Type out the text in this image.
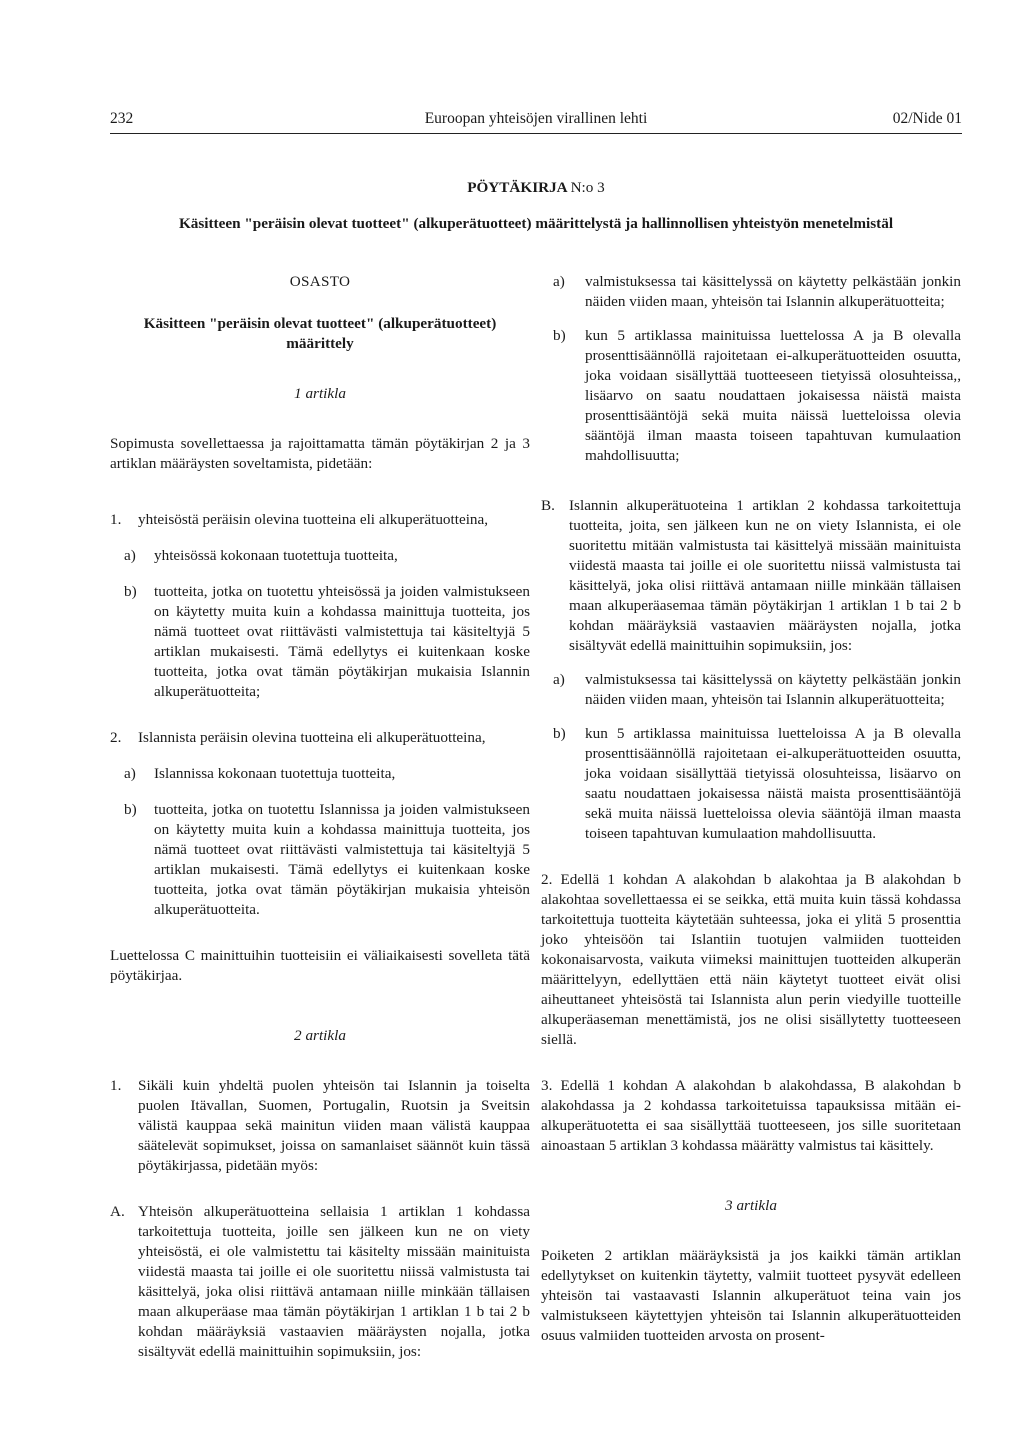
232	Euroopan yhteisöjen virallinen lehti	02/Nide 01
PÖYTÄKIRJA N:o 3
Käsitteen "peräisin olevat tuotteet" (alkuperätuotteet) määrittelystä ja hallinnollisen yhteistyön menetelmistäl

OSASTO

Käsitteen "peräisin olevat tuotteet" (alkuperätuotteet) määrittely

1 artikla

Sopimusta sovellettaessa ja rajoittamatta tämän pöytäkirjan 2 ja 3 artiklan määräysten soveltamista, pidetään:

1. yhteisöstä peräisin olevina tuotteina eli alkuperätuotteina,
a) yhteisössä kokonaan tuotettuja tuotteita,
b) tuotteita, jotka on tuotettu yhteisössä ja joiden valmistukseen on käytetty muita kuin a kohdassa mainittuja tuotteita, jos nämä tuotteet ovat riittävästi valmistettuja tai käsiteltyjä 5 artiklan mukaisesti. Tämä edellytys ei kuitenkaan koske tuotteita, jotka ovat tämän pöytäkirjan mukaisia Islannin alkuperätuotteita;
2. Islannista peräisin olevina tuotteina eli alkuperätuotteina,
a) Islannissa kokonaan tuotettuja tuotteita,
b) tuotteita, jotka on tuotettu Islannissa ja joiden valmistukseen on käytetty muita kuin a kohdassa mainittuja tuotteita, jos nämä tuotteet ovat riittävästi valmistettuja tai käsiteltyjä 5 artiklan mukaisesti. Tämä edellytys ei kuitenkaan koske tuotteita, jotka ovat tämän pöytäkirjan mukaisia yhteisön alkuperätuotteita.

Luettelossa C mainittuihin tuotteisiin ei väliaikaisesti sovelleta tätä pöytäkirjaa.

2 artikla

1. Sikäli kuin yhdeltä puolen yhteisön tai Islannin ja toiselta puolen Itävallan, Suomen, Portugalin, Ruotsin ja Sveitsin välistä kauppaa sekä mainitun viiden maan välistä kauppaa säätelevät sopimukset, joissa on samanlaiset säännöt kuin tässä pöytäkirjassa, pidetään myös:
A. Yhteisön alkuperätuotteina sellaisia 1 artiklan 1 kohdassa tarkoitettuja tuotteita, joille sen jälkeen kun ne on viety yhteisöstä, ei ole valmistettu tai käsitelty missään mainituista viidestä maasta tai joille ei ole suoritettu niissä valmistusta tai käsittelyä, joka olisi riittävä antamaan niille minkään tällaisen maan alkuperäase maa tämän pöytäkirjan 1 artiklan 1 b tai 2 b kohdan määräyksiä vastaavien määräysten nojalla, jotka sisältyvät edellä mainittuihin sopimuksiin, jos:
a) valmistuksessa tai käsittelyssä on käytetty pelkästään jonkin näiden viiden maan, yhteisön tai Islannin alkuperätuotteita;
b) kun 5 artiklassa mainituissa luettelossa A ja B olevalla prosenttisäännöllä rajoitetaan ei-alkuperätuotteiden osuutta, joka voidaan sisällyttää tuotteeseen tietyissä olosuhteissa,, lisäarvo on saatu noudattaen jokaisessa näistä maista prosenttisääntöjä sekä muita näissä luetteloissa olevia sääntöjä ilman maasta toiseen tapahtuvan kumulaation mahdollisuutta;
B. Islannin alkuperätuoteina 1 artiklan 2 kohdassa tarkoitettuja tuotteita, joita, sen jälkeen kun ne on viety Islannista, ei ole suoritettu mitään valmistusta tai käsittelyä missään mainituista viidestä maasta tai joille ei ole suoritettu niissä valmistusta tai käsittelyä, joka olisi riittävä antamaan niille minkään tällaisen maan alkuperäasemaa tämän pöytäkirjan 1 artiklan 1 b tai 2 b kohdan määräyksiä vastaavien määräysten nojalla, jotka sisältyvät edellä mainittuihin sopimuksiin, jos:
a) valmistuksessa tai käsittelyssä on käytetty pelkästään jonkin näiden viiden maan, yhteisön tai Islannin alkuperätuotteita;
b) kun 5 artiklassa mainituissa luetteloissa A ja B olevalla prosenttisäännöllä rajoitetaan ei-alkuperätuotteiden osuutta, joka voidaan sisällyttää tietyissä olosuhteissa, lisäarvo on saatu noudattaen jokaisessa näistä maista prosenttisääntöjä sekä muita näissä luetteloissa olevia sääntöjä ilman maasta toiseen tapahtuvan kumulaation mahdollisuutta.

2. Edellä 1 kohdan A alakohdan b alakohtaa ja B alakohdan b alakohtaa sovellettaessa ei se seikka, että muita kuin tässä kohdassa tarkoitettuja tuotteita käytetään suhteessa, joka ei ylitä 5 prosenttia joko yhteisöön tai Islantiin tuotujen valmiiden tuotteiden kokonaisarvosta, vaikuta viimeksi mainittujen tuotteiden alkuperän määrittelyyn, edellyttäen että näin käytetyt tuotteet eivät olisi aiheuttaneet yhteisöstä tai Islannista alun perin viedyille tuotteille alkuperäaseman menettämistä, jos ne olisi sisällytetty tuotteeseen siellä.

3. Edellä 1 kohdan A alakohdan b alakohdassa, B alakohdan b alakohdassa ja 2 kohdassa tarkoitetuissa tapauksissa mitään ei-alkuperätuotetta ei saa sisällyttää tuotteeseen, jos sille suoritetaan ainoastaan 5 artiklan 3 kohdassa määrätty valmistus tai käsittely.

3 artikla

Poiketen 2 artiklan määräyksistä ja jos kaikki tämän artiklan edellytykset on kuitenkin täytetty, valmiit tuotteet pysyvät edelleen yhteisön tai vastaavasti Islannin alkuperätuot teina vain jos valmistukseen käytettyjen yhteisön tai Islannin alkuperätuotteiden osuus valmiiden tuotteiden arvosta on prosent-
